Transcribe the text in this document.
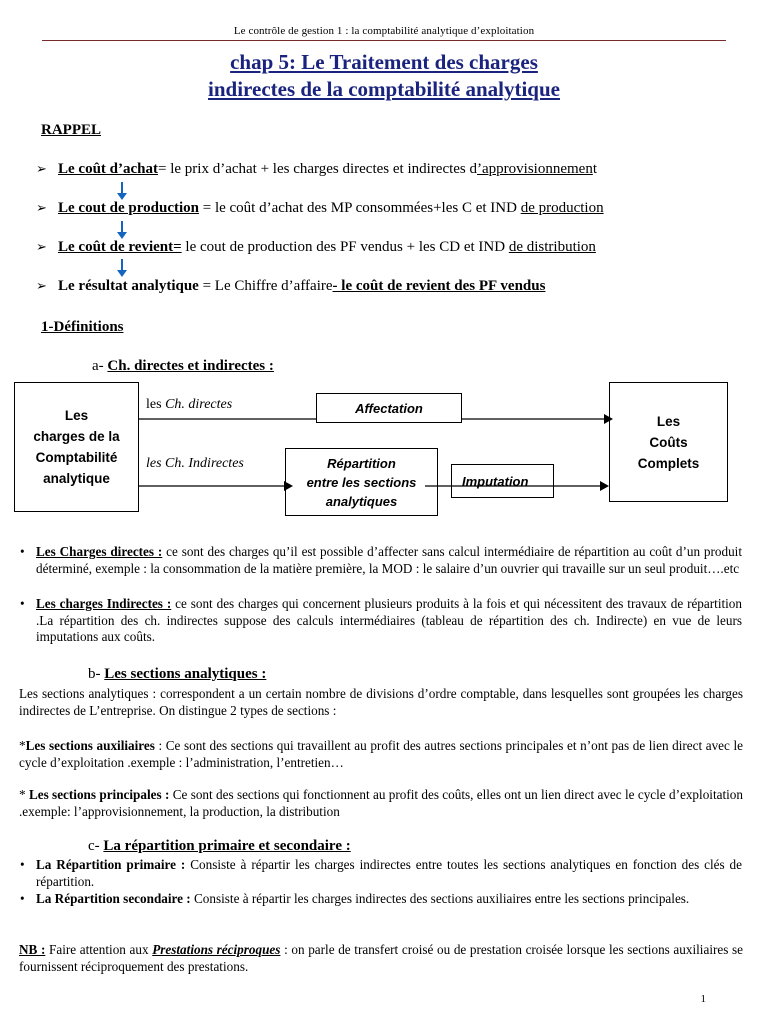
Le contrôle de gestion 1 : la comptabilité analytique d’exploitation
chap 5: Le Traitement des charges
indirectes de la comptabilité analytique
RAPPEL
➢ Le coût d’achat= le prix d’achat + les charges directes et indirectes d’approvisionnement
➢ Le cout de production = le coût d’achat des MP consommées+les C et IND de production
➢ Le coût de revient= le cout de production des PF vendus + les CD et IND de distribution
➢ Le résultat analytique = Le Chiffre d’affaire- le coût de revient des PF vendus
1-Définitions
a- Ch. directes et indirectes :
Les
charges de la
Comptabilité
analytique
les Ch. directes
les Ch. Indirectes
Affectation
Répartition
entre les sections
analytiques
Imputation
Les
Coûts
Complets
• Les Charges directes : ce sont des charges qu’il est possible d’affecter sans calcul intermédiaire de répartition au coût d’un produit déterminé, exemple : la consommation de la matière première, la MOD : le salaire d’un ouvrier qui travaille sur un seul produit….etc
• Les charges Indirectes : ce sont des charges qui concernent plusieurs produits à la fois et qui nécessitent des travaux de répartition .La répartition des ch. indirectes suppose des calculs intermédiaires (tableau de répartition des ch. Indirecte) en vue de leurs imputations aux coûts.
b- Les sections analytiques :
Les sections analytiques : correspondent a un certain nombre de divisions d’ordre comptable, dans lesquelles sont groupées les charges indirectes de L’entreprise. On distingue 2 types de sections :
*Les sections auxiliaires : Ce sont des sections qui travaillent au profit des autres sections principales et n’ont pas de lien direct avec le cycle d’exploitation .exemple : l’administration, l’entretien…
* Les sections principales : Ce sont des sections qui fonctionnent au profit des coûts, elles ont un lien direct avec le cycle d’exploitation .exemple: l’approvisionnement, la production, la distribution
c- La répartition primaire et secondaire :
• La Répartition primaire : Consiste à répartir les charges indirectes entre toutes les sections analytiques en fonction des clés de répartition.
• La Répartition secondaire : Consiste à répartir les charges indirectes des sections auxiliaires entre les sections principales.
NB : Faire attention aux Prestations réciproques : on parle de transfert croisé ou de prestation croisée lorsque les sections auxiliaires se fournissent réciproquement des prestations.
1
